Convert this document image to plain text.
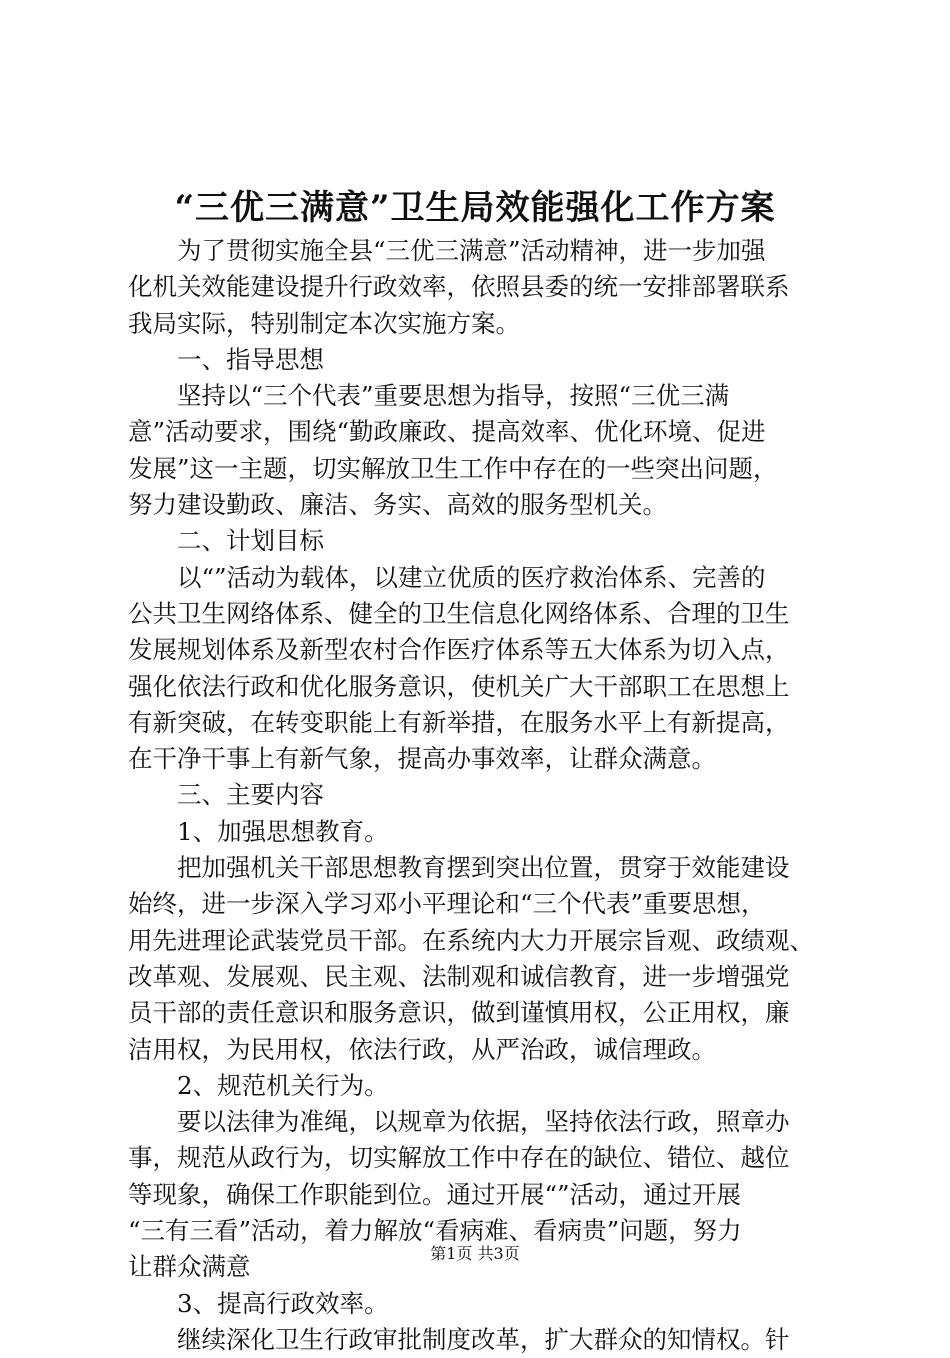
“三优三满意”卫生局效能强化工作方案
　　为了贯彻实施全县“三优三满意”活动精神，进一步加强
化机关效能建设提升行政效率，依照县委的统一安排部署联系
我局实际，特别制定本次实施方案。
　　一、指导思想
　　坚持以“三个代表”重要思想为指导，按照“三优三满
意”活动要求，围绕“勤政廉政、提高效率、优化环境、促进
发展”这一主题，切实解放卫生工作中存在的一些突出问题，
努力建设勤政、廉洁、务实、高效的服务型机关。
　　二、计划目标
　　以“”活动为载体，以建立优质的医疗救治体系、完善的
公共卫生网络体系、健全的卫生信息化网络体系、合理的卫生
发展规划体系及新型农村合作医疗体系等五大体系为切入点，
强化依法行政和优化服务意识，使机关广大干部职工在思想上
有新突破，在转变职能上有新举措，在服务水平上有新提高，
在干净干事上有新气象，提高办事效率，让群众满意。
　　三、主要内容
　　1、加强思想教育。
　　把加强机关干部思想教育摆到突出位置，贯穿于效能建设
始终，进一步深入学习邓小平理论和“三个代表”重要思想，
用先进理论武装党员干部。在系统内大力开展宗旨观、政绩观、
改革观、发展观、民主观、法制观和诚信教育，进一步增强党
员干部的责任意识和服务意识，做到谨慎用权，公正用权，廉
洁用权，为民用权，依法行政，从严治政，诚信理政。
　　2、规范机关行为。
　　要以法律为准绳，以规章为依据，坚持依法行政，照章办
事，规范从政行为，切实解放工作中存在的缺位、错位、越位
等现象，确保工作职能到位。通过开展“”活动，通过开展
“三有三看”活动，着力解放“看病难、看病贵”问题，努力
让群众满意
　　3、提高行政效率。
　　继续深化卫生行政审批制度改革，扩大群众的知情权。针
第1页 共3页
